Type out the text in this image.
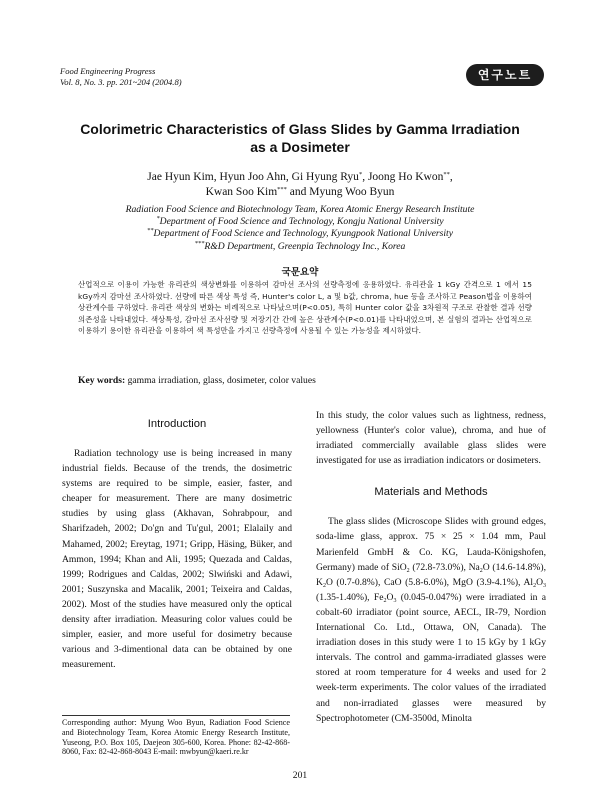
Food Engineering Progress
Vol. 8, No. 3. pp. 201~204 (2004.8)	연구노트
Colorimetric Characteristics of Glass Slides by Gamma Irradiation as a Dosimeter
Jae Hyun Kim, Hyun Joo Ahn, Gi Hyung Ryu*, Joong Ho Kwon**,
Kwan Soo Kim*** and Myung Woo Byun
Radiation Food Science and Biotechnology Team, Korea Atomic Energy Research Institute
*Department of Food Science and Technology, Kongju National University
**Department of Food Science and Technology, Kyungpook National University
***R&D Department, Greenpia Technology Inc., Korea
국문요약
산업적으로 이용이 가능한 유리관의 색상변화를 이용하여 감마선 조사의 선량측정에 응용하였다. 유리관을 1 kGy 간격으로 1 에서 15 kGy까지 감마선 조사하였다. 선량에 따른 색상 특성 즉, Hunter's color L, a 및 b값, chroma, hue 등을 조사하고 Peason법을 이용하여 상관계수를 구하였다. 유리관 색상의 변화는 비례적으로 나타났으며(P<0.05), 특히 Hunter color 값을 3차원적 구조로 관찰한 결과 선량의존성을 나타내었다. 색상특성, 감마선 조사선량 및 저장기간 간에 높은 상관계수(P<0.01)를 나타내었으며, 본 실험의 결과는 산업적으로 이용하기 용이한 유리관을 이용하여 색 특성만을 가지고 선량측정에 사용될 수 있는 가능성을 제시하였다.
Key words: gamma irradiation, glass, dosimeter, color values
Introduction

Radiation technology use is being increased in many industrial fields. Because of the trends, the dosimetric systems are required to be simple, easier, faster, and cheaper for measurement. There are many dosimetric studies by using glass (Akhavan, Sohrabpour, and Sharifzadeh, 2002; Do'gn and Tu'gul, 2001; Elalaily and Mahamed, 2002; Ereytag, 1971; Gripp, Häsing, Büker, and Ammon, 1994; Khan and Ali, 1995; Quezada and Caldas, 1999; Rodrigues and Caldas, 2002; Slwiński and Adawi, 2001; Suszynska and Macalik, 2001; Teixeira and Caldas, 2002). Most of the studies have measured only the optical density after irradiation. Measuring color values could be simpler, easier, and more useful for dosimetry because various and 3-dimentional data can be obtained by one measurement.

In this study, the color values such as lightness, redness, yellowness (Hunter's color value), chroma, and hue of irradiated commercially available glass slides were investigated for use as irradiation indicators or dosimeters.

Materials and Methods

The glass slides (Microscope Slides with ground edges, soda-lime glass, approx. 75 × 25 × 1.04 mm, Paul Marienfeld GmbH & Co. KG, Lauda-Königshofen, Germany) made of SiO$_2$ (72.8-73.0%), $Na_2O$ (14.6-14.8%), $K_2O$ (0.7-0.8%), CaO (5.8-6.0%), MgO (3.9-4.1%), $Al_2O_3$ (1.35-1.40%), $Fe_2O_3$ (0.045-0.047%) were irradiated in a cobalt-60 irradiator (point source, AECL, IR-79, Nordion International Co. Ltd., Ottawa, ON, Canada). The irradiation doses in this study were 1 to 15 kGy by 1 kGy intervals. The control and gamma-irradiated glasses were stored at room temperature for 4 weeks and used for 2 week-term experiments. The color values of the irradiated and non-irradiated glasses were measured by Spectrophotometer (CM-3500d, Minolta

Corresponding author: Myung Woo Byun, Radiation Food Science and Biotechnology Team, Korea Atomic Energy Research Institute, Yuseong, P.O. Box 105, Daejeon 305-600, Korea. Phone: 82-42-868-8060, Fax: 82-42-868-8043 E-mail: mwbyun@kaeri.re.kr
201
